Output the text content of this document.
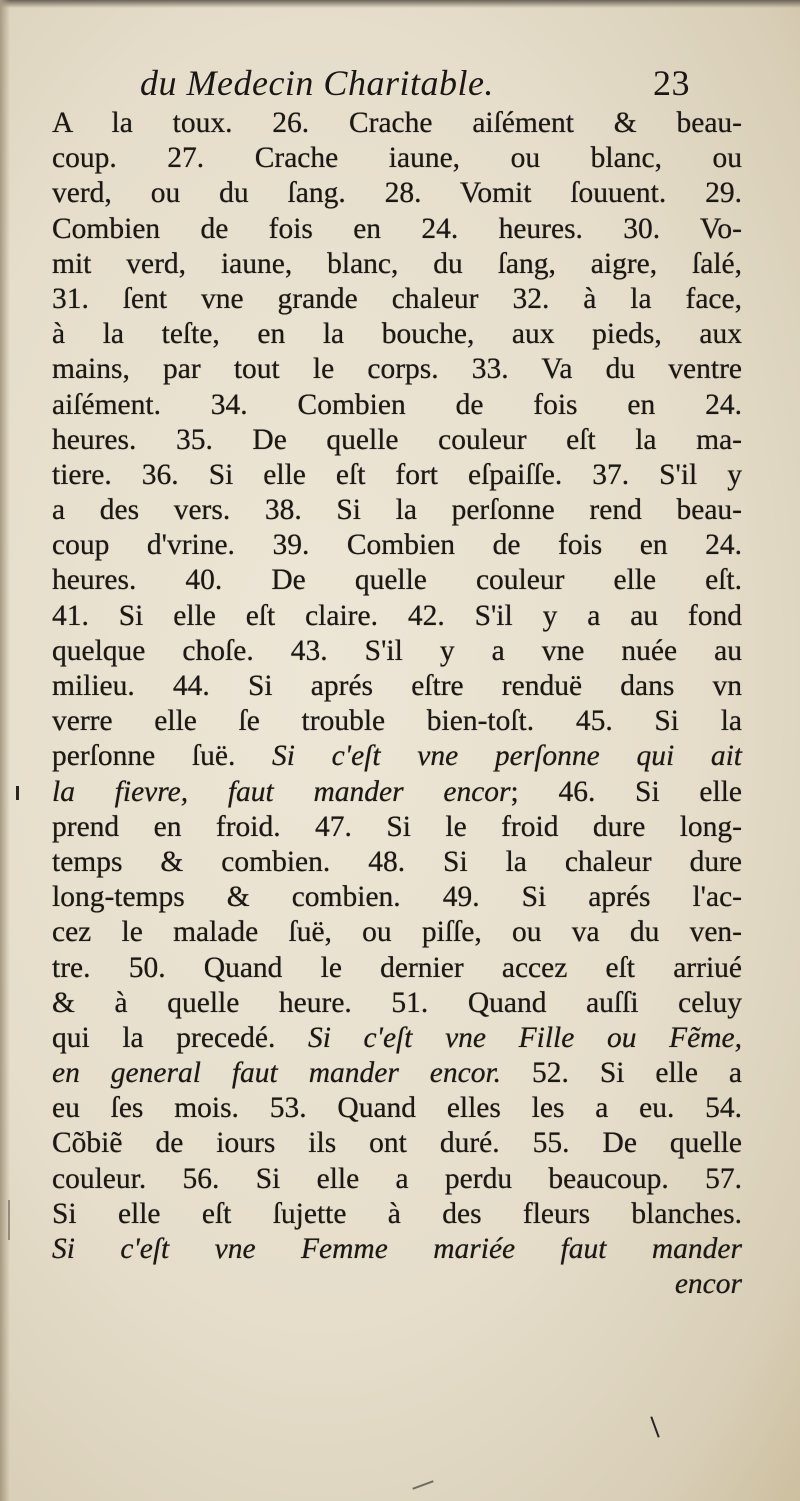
du Medecin Charitable.	23
A la toux. 26. Crache aiſément & beau-
coup. 27. Crache iaune, ou blanc, ou
verd, ou du ſang. 28. Vomit ſouuent. 29.
Combien de fois en 24. heures. 30. Vo-
mit verd, iaune, blanc, du ſang, aigre, ſalé,
31. ſent vne grande chaleur 32. à la face,
à la teſte, en la bouche, aux pieds, aux
mains, par tout le corps. 33. Va du ventre
aiſément. 34. Combien de fois en 24.
heures. 35. De quelle couleur eſt la ma-
tiere. 36. Si elle eſt fort eſpaiſſe. 37. S'il y
a des vers. 38. Si la perſonne rend beau-
coup d'vrine. 39. Combien de fois en 24.
heures. 40. De quelle couleur elle eſt.
41. Si elle eſt claire. 42. S'il y a au fond
quelque choſe. 43. S'il y a vne nuée au
milieu. 44. Si aprés eſtre renduë dans vn
verre elle ſe trouble bien-toſt. 45. Si la
perſonne ſuë. Si c'eſt vne perſonne qui ait
la fievre, faut mander encor; 46. Si elle
prend en froid. 47. Si le froid dure long-
temps & combien. 48. Si la chaleur dure
long-temps & combien. 49. Si aprés l'ac-
cez le malade ſuë, ou piſſe, ou va du ven-
tre. 50. Quand le dernier accez eſt arriué
& à quelle heure. 51. Quand auſſi celuy
qui la precedé. Si c'eſt vne Fille ou Fẽme,
en general faut mander encor. 52. Si elle a
eu ſes mois. 53. Quand elles les a eu. 54.
Cõbiẽ de iours ils ont duré. 55. De quelle
couleur. 56. Si elle a perdu beaucoup. 57.
Si elle eſt ſujette à des fleurs blanches.
Si c'eſt vne Femme mariée faut mander
encor
